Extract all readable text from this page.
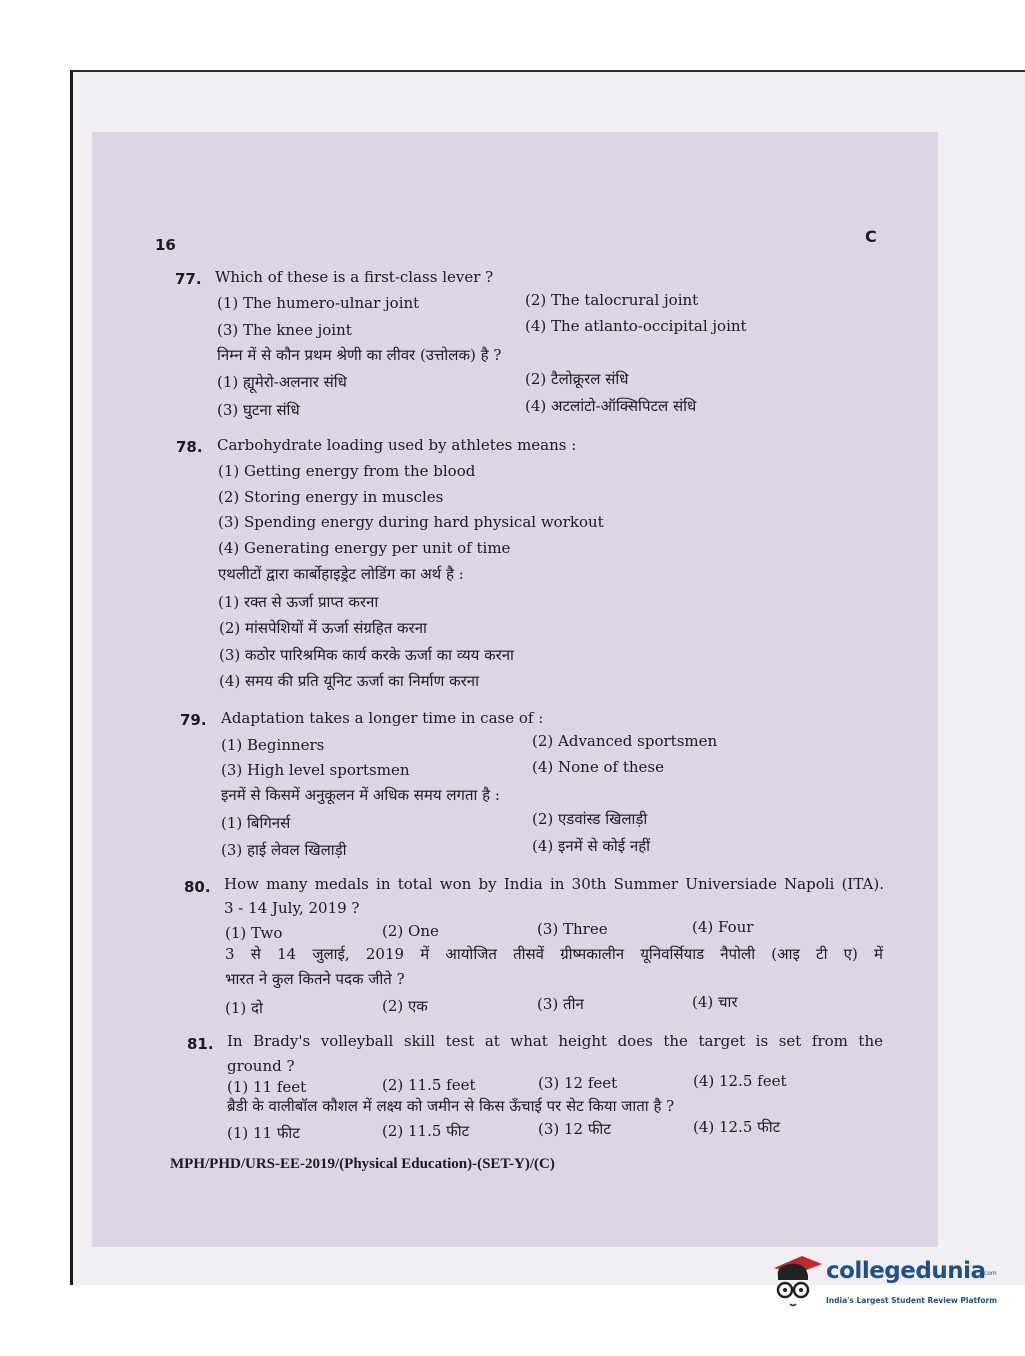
16	C
77. Which of these is a first-class lever ?
(1) The humero-ulnar joint	(2) The talocrural joint
(3) The knee joint	(4) The atlanto-occipital joint
निम्न में से कौन प्रथम श्रेणी का लीवर (उत्तोलक) है ?
(1) ह्यूमेरो-अलनार संधि	(2) टैलोक्रूरल संधि
(3) घुटना संधि	(4) अटलांटो-ऑक्सिपिटल संधि
78. Carbohydrate loading used by athletes means :
(1) Getting energy from the blood
(2) Storing energy in muscles
(3) Spending energy during hard physical workout
(4) Generating energy per unit of time
एथलीटों द्वारा कार्बोहाइड्रेट लोडिंग का अर्थ है :
(1) रक्त से ऊर्जा प्राप्त करना
(2) मांसपेशियों में ऊर्जा संग्रहित करना
(3) कठोर पारिश्रमिक कार्य करके ऊर्जा का व्यय करना
(4) समय की प्रति यूनिट ऊर्जा का निर्माण करना
79. Adaptation takes a longer time in case of :
(1) Beginners	(2) Advanced sportsmen
(3) High level sportsmen	(4) None of these
इनमें से किसमें अनुकूलन में अधिक समय लगता है :
(1) बिगिनर्स	(2) एडवांस्ड खिलाड़ी
(3) हाई लेवल खिलाड़ी	(4) इनमें से कोई नहीं
80. How many medals in total won by India in 30th Summer Universiade Napoli (ITA).
3 - 14 July, 2019 ?
(1) Two	(2) One	(3) Three	(4) Four
3 से 14 जुलाई, 2019 में आयोजित तीसवें ग्रीष्मकालीन यूनिवर्सियाड नैपोली (आइ टी ए) में
भारत ने कुल कितने पदक जीते ?
(1) दो	(2) एक	(3) तीन	(4) चार
81. In Brady's volleyball skill test at what height does the target is set from the
ground ?
(1) 11 feet	(2) 11.5 feet	(3) 12 feet	(4) 12.5 feet
ब्रैडी के वालीबॉल कौशल में लक्ष्य को जमीन से किस ऊँचाई पर सेट किया जाता है ?
(1) 11 फीट	(2) 11.5 फीट	(3) 12 फीट	(4) 12.5 फीट
MPH/PHD/URS-EE-2019/(Physical Education)-(SET-Y)/(C)
collegedunia
.com
India's Largest Student Review Platform
